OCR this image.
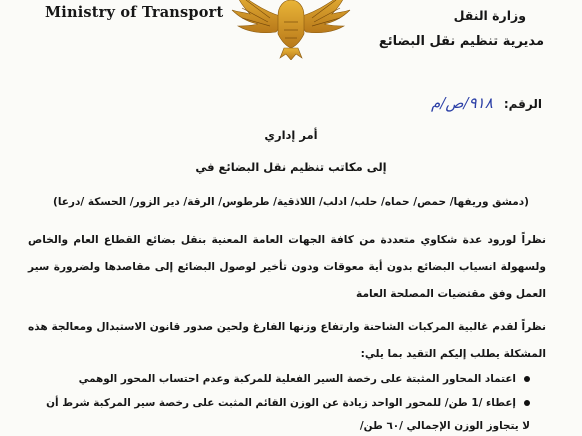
Ministry of Transport	وزارة النقل
مديرية تنظيم نقل البضائع
الرقم: ٩١٨/ص/م
أمر إداري
إلى مكاتب تنظيم نقل البضائع في
(دمشق وريفها/ حمص/ حماه/ حلب/ ادلب/ اللاذقية/ طرطوس/ الرقة/ دير الزور/ الحسكة /درعا)
نظراً لورود عدة شكاوي متعددة من كافة الجهات العامة المعنية بنقل بضائع القطاع العام والخاص ولسهولة انسياب البضائع بدون أية معوقات ودون تأخير لوصول البضائع إلى مقاصدها ولضرورة سير العمل وفق مقتضيات المصلحة العامة
نظراً لقدم غالبية المركبات الشاحنة وارتفاع وزنها الفارغ ولحين صدور قانون الاستبدال ومعالجة هذه المشكلة يطلب إليكم التقيد بما يلي:
اعتماد المحاور المثبتة على رخصة السير الفعلية للمركبة وعدم احتساب المحور الوهمي
إعطاء /1 طن/ للمحور الواحد زيادة عن الوزن القائم المثبت على رخصة سير المركبة شرط أن لا يتجاوز الوزن الإجمالي /٦٠ طن/
